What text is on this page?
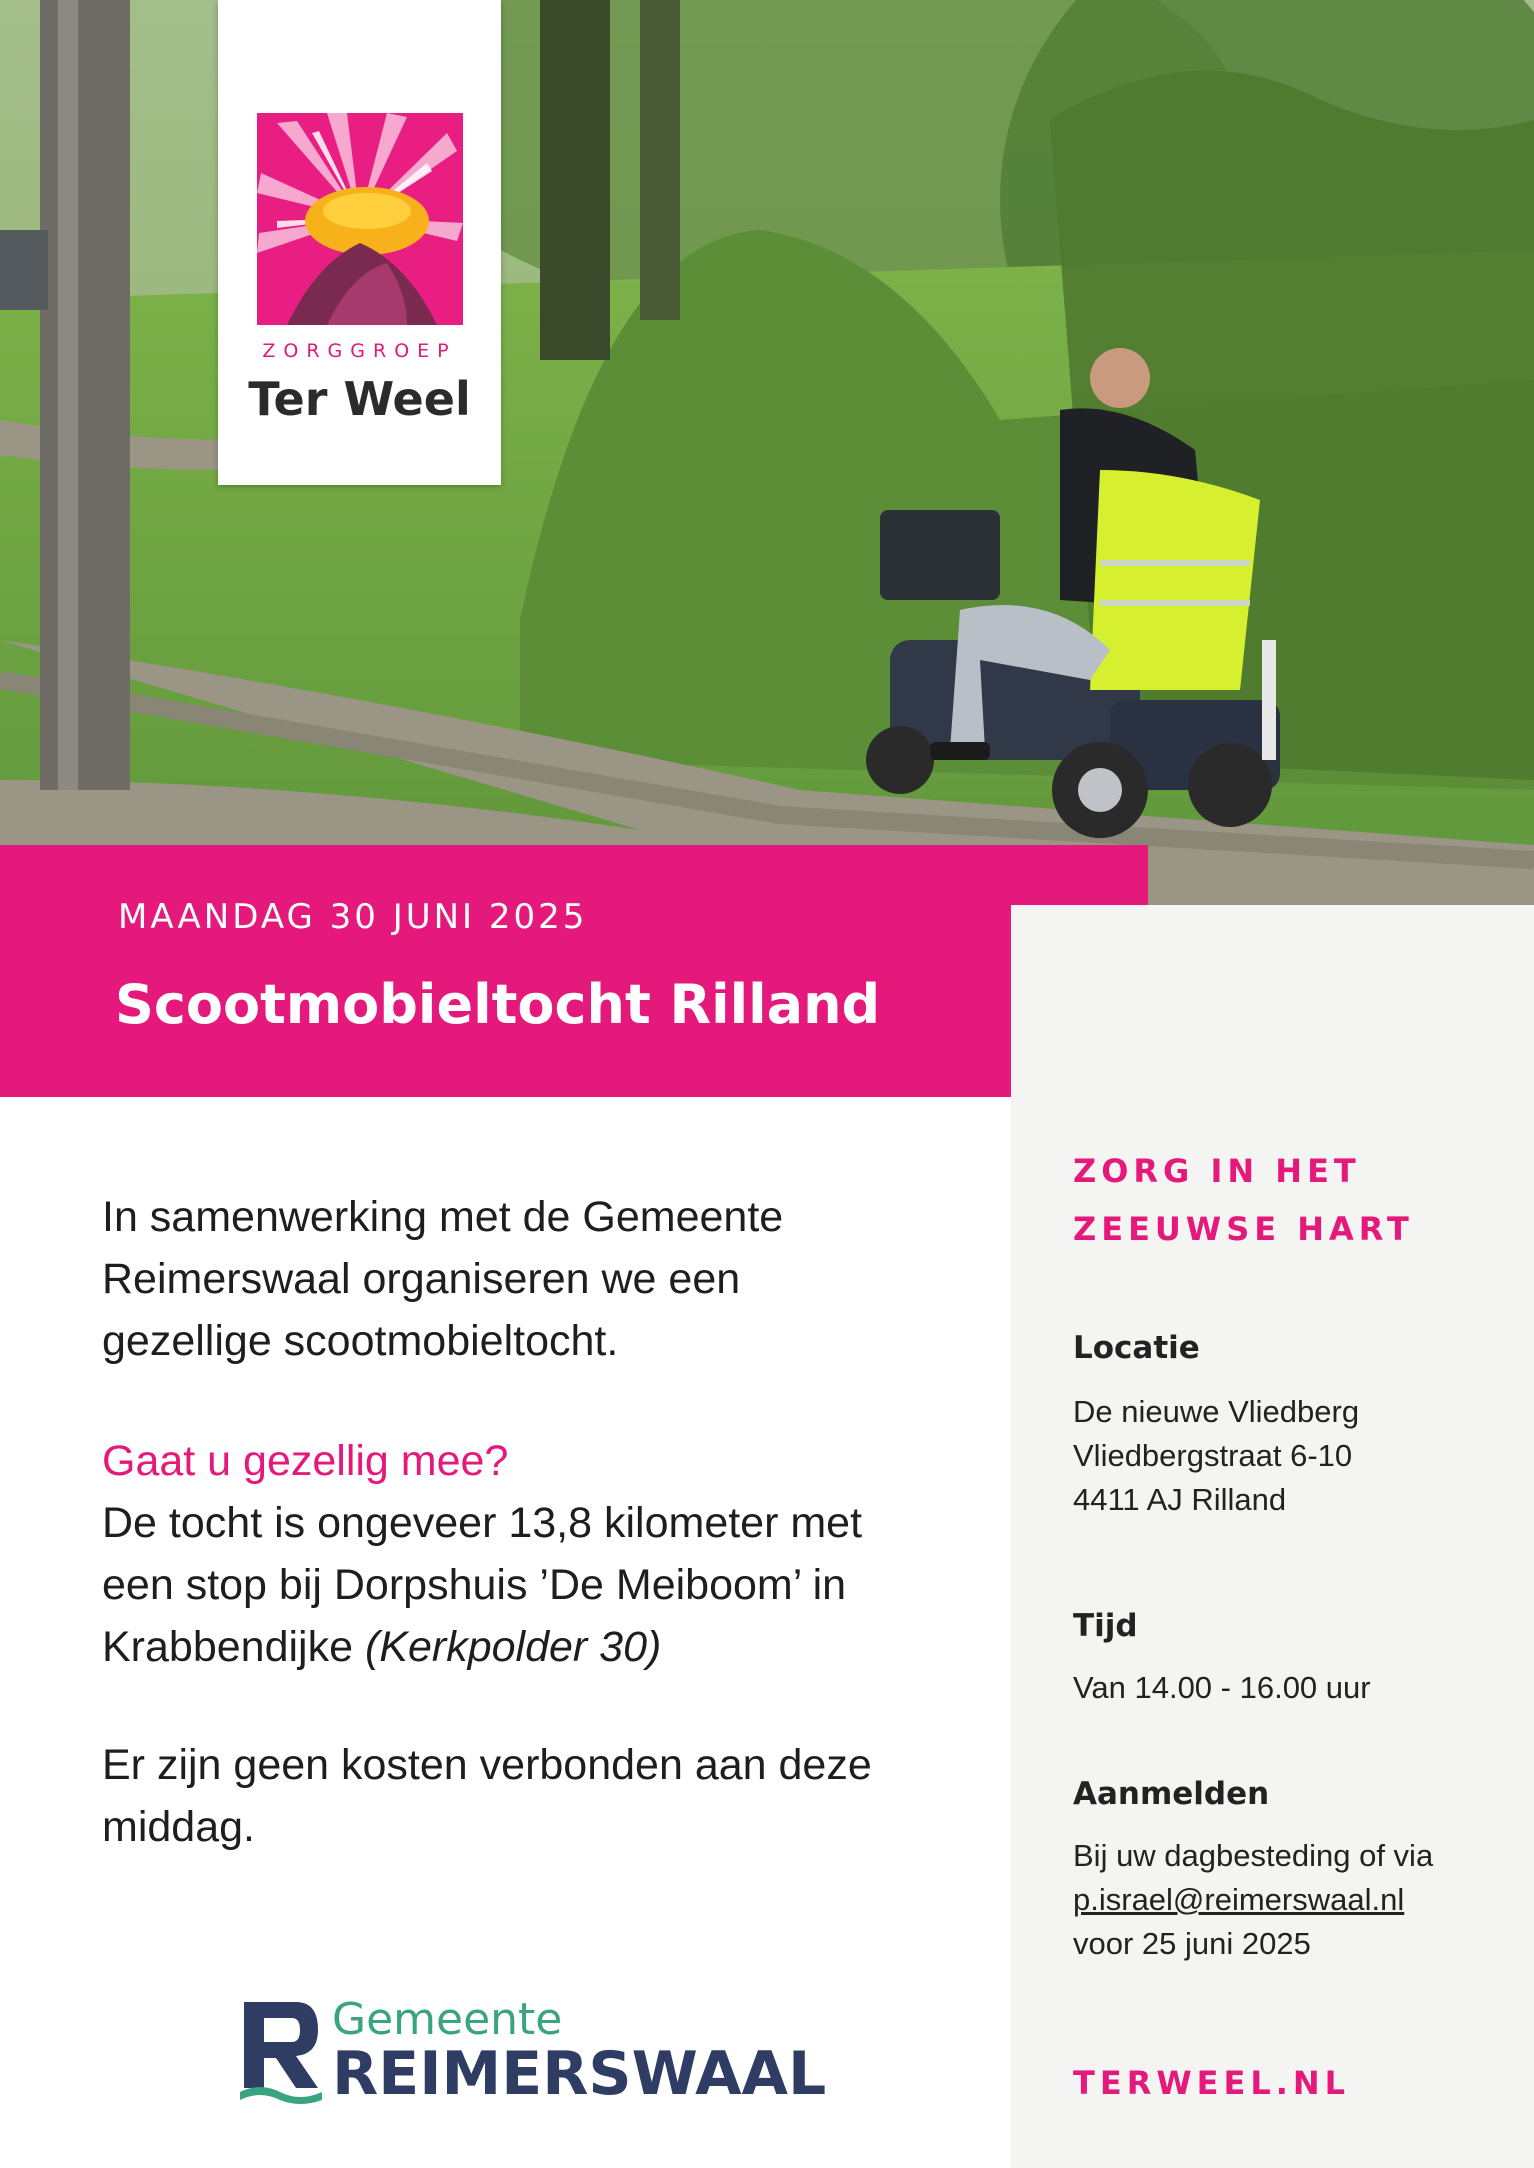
ZORGGROEP
Ter Weel
MAANDAG 30 JUNI 2025
Scootmobieltocht Rilland
ZORG IN HET
ZEEUWSE HART
Locatie
De nieuwe Vliedberg
Vliedbergstraat 6-10
4411 AJ Rilland
Tijd
Van 14.00 - 16.00 uur
Aanmelden
Bij uw dagbesteding of via
p.israel@reimerswaal.nl
voor 25 juni 2025
TERWEEL.NL
In samenwerking met de Gemeente
Reimerswaal organiseren we een
gezellige scootmobieltocht.
Gaat u gezellig mee?
De tocht is ongeveer 13,8 kilometer met
een stop bij Dorpshuis ’De Meiboom’ in
Krabbendijke (Kerkpolder 30)
Er zijn geen kosten verbonden aan deze
middag.
Gemeente
REIMERSWAAL
